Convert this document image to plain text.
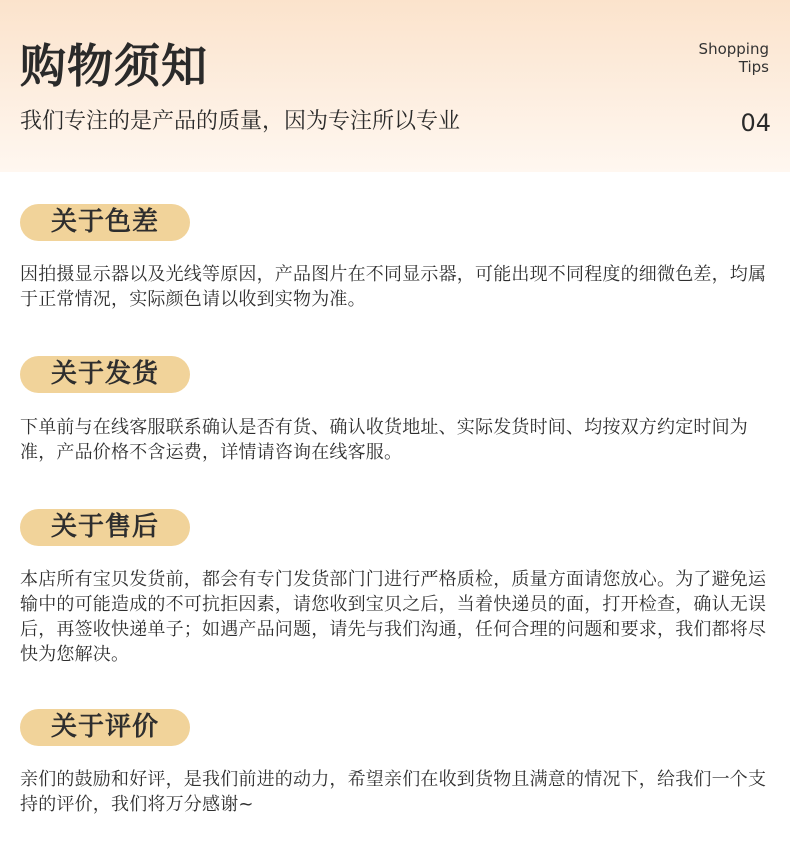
购物须知
我们专注的是产品的质量，因为专注所以专业
Shopping
Tips
04
关于色差
因拍摄显示器以及光线等原因，产品图片在不同显示器，可能出现不同程度的细微色差，均属于正常情况，实际颜色请以收到实物为准。
关于发货
下单前与在线客服联系确认是否有货、确认收货地址、实际发货时间、均按双方约定时间为准，产品价格不含运费，详情请咨询在线客服。
关于售后
本店所有宝贝发货前，都会有专门发货部门门进行严格质检，质量方面请您放心。为了避免运输中的可能造成的不可抗拒因素，请您收到宝贝之后，当着快递员的面，打开检查，确认无误后，再签收快递单子；如遇产品问题，请先与我们沟通，任何合理的问题和要求，我们都将尽快为您解决。
关于评价
亲们的鼓励和好评，是我们前进的动力，希望亲们在收到货物且满意的情况下，给我们一个支持的评价，我们将万分感谢~
